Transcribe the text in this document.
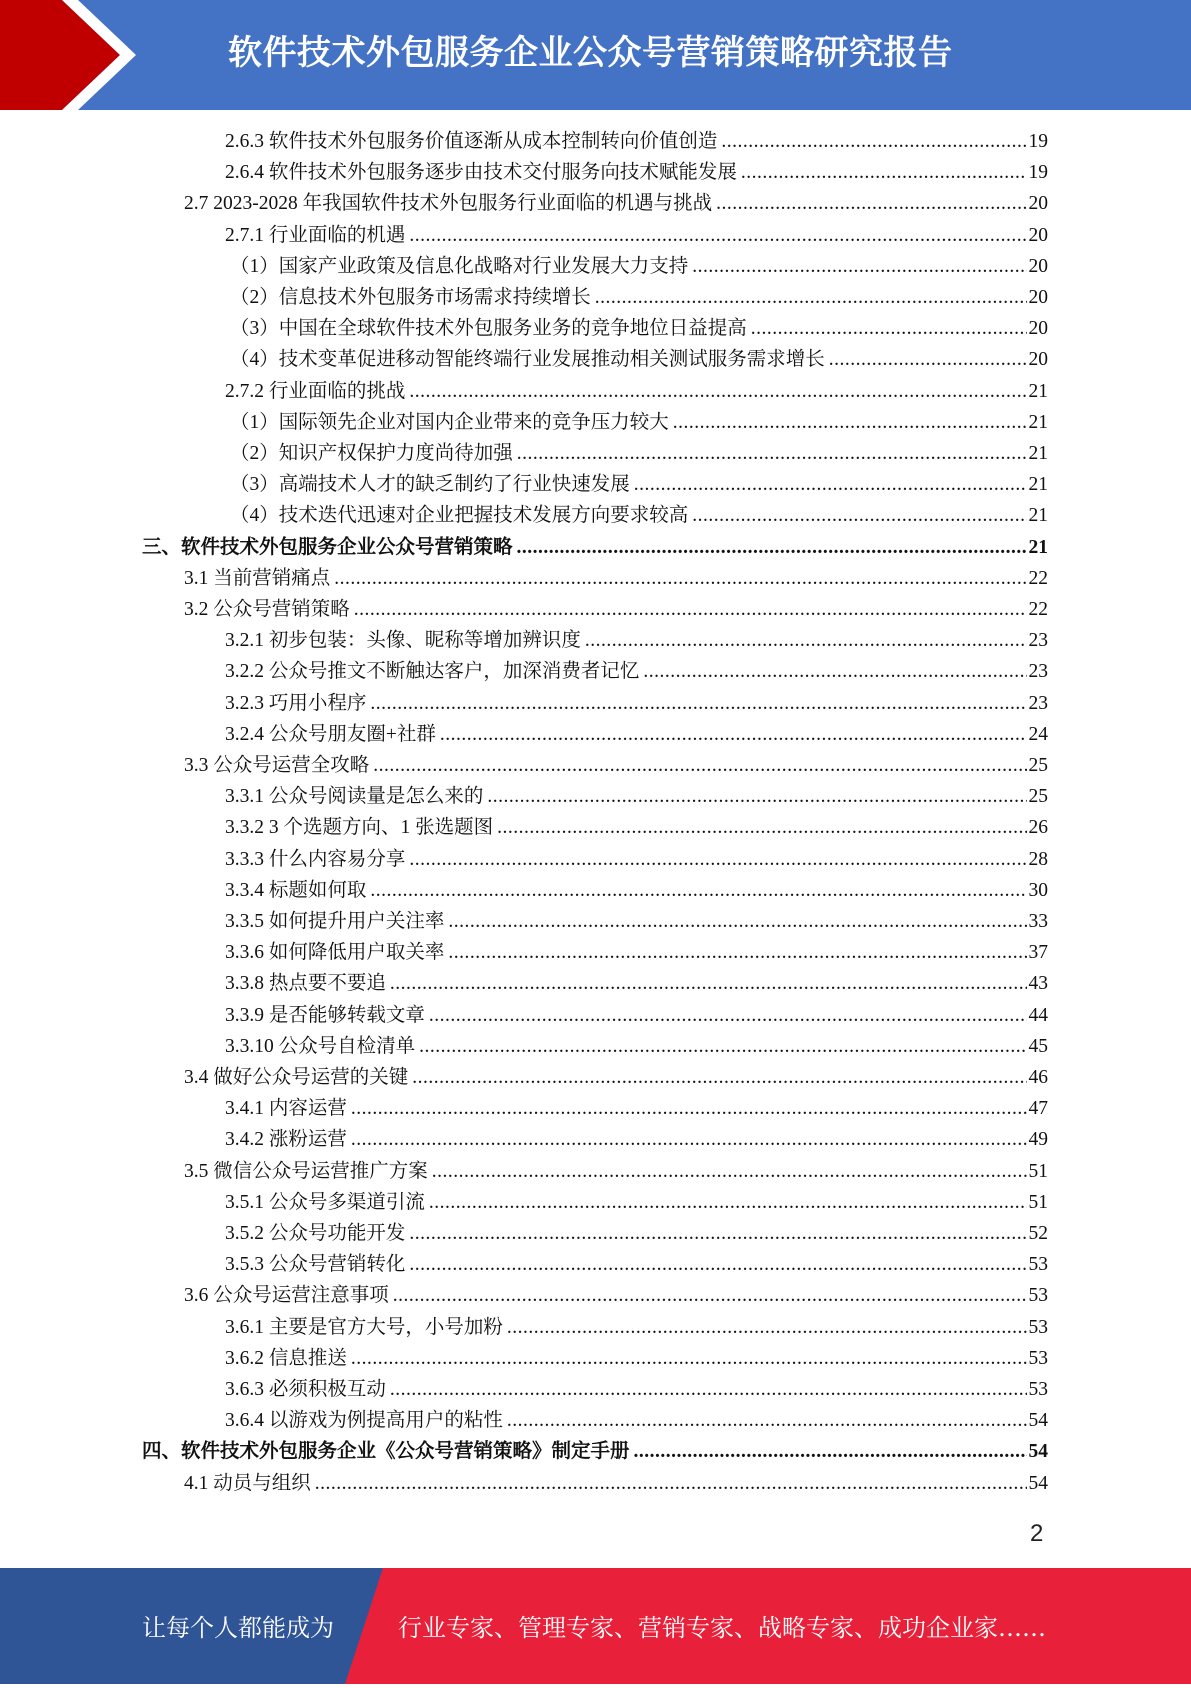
软件技术外包服务企业公众号营销策略研究报告
2.6.3 软件技术外包服务价值逐渐从成本控制转向价值创造 .....	19
2.6.4 软件技术外包服务逐步由技术交付服务向技术赋能发展 .....	19
2.7 2023-2028 年我国软件技术外包服务行业面临的机遇与挑战 .....	20
2.7.1 行业面临的机遇 .....	20
（1）国家产业政策及信息化战略对行业发展大力支持 .....	20
（2）信息技术外包服务市场需求持续增长 .....	20
（3）中国在全球软件技术外包服务业务的竞争地位日益提高 .....	20
（4）技术变革促进移动智能终端行业发展推动相关测试服务需求增长 .....	20
2.7.2 行业面临的挑战 .....	21
（1）国际领先企业对国内企业带来的竞争压力较大 .....	21
（2）知识产权保护力度尚待加强 .....	21
（3）高端技术人才的缺乏制约了行业快速发展 .....	21
（4）技术迭代迅速对企业把握技术发展方向要求较高 .....	21
三、软件技术外包服务企业公众号营销策略 .....	21
3.1 当前营销痛点 .....	22
3.2 公众号营销策略 .....	22
3.2.1 初步包装：头像、昵称等增加辨识度 .....	23
3.2.2 公众号推文不断触达客户，加深消费者记忆 .....	23
3.2.3 巧用小程序 .....	23
3.2.4 公众号朋友圈+社群 .....	24
3.3 公众号运营全攻略 .....	25
3.3.1 公众号阅读量是怎么来的 .....	25
3.3.2 3 个选题方向、1 张选题图 .....	26
3.3.3 什么内容易分享 .....	28
3.3.4 标题如何取 .....	30
3.3.5 如何提升用户关注率 .....	33
3.3.6 如何降低用户取关率 .....	37
3.3.8 热点要不要追 .....	43
3.3.9 是否能够转载文章 .....	44
3.3.10 公众号自检清单 .....	45
3.4 做好公众号运营的关键 .....	46
3.4.1 内容运营 .....	47
3.4.2 涨粉运营 .....	49
3.5 微信公众号运营推广方案 .....	51
3.5.1 公众号多渠道引流 .....	51
3.5.2 公众号功能开发 .....	52
3.5.3 公众号营销转化 .....	53
3.6 公众号运营注意事项 .....	53
3.6.1 主要是官方大号，小号加粉 .....	53
3.6.2 信息推送 .....	53
3.6.3 必须积极互动 .....	53
3.6.4 以游戏为例提高用户的粘性 .....	54
四、软件技术外包服务企业《公众号营销策略》制定手册 .....	54
4.1 动员与组织 .....	54
2
让每个人都能成为	行业专家、管理专家、营销专家、战略专家、成功企业家……
